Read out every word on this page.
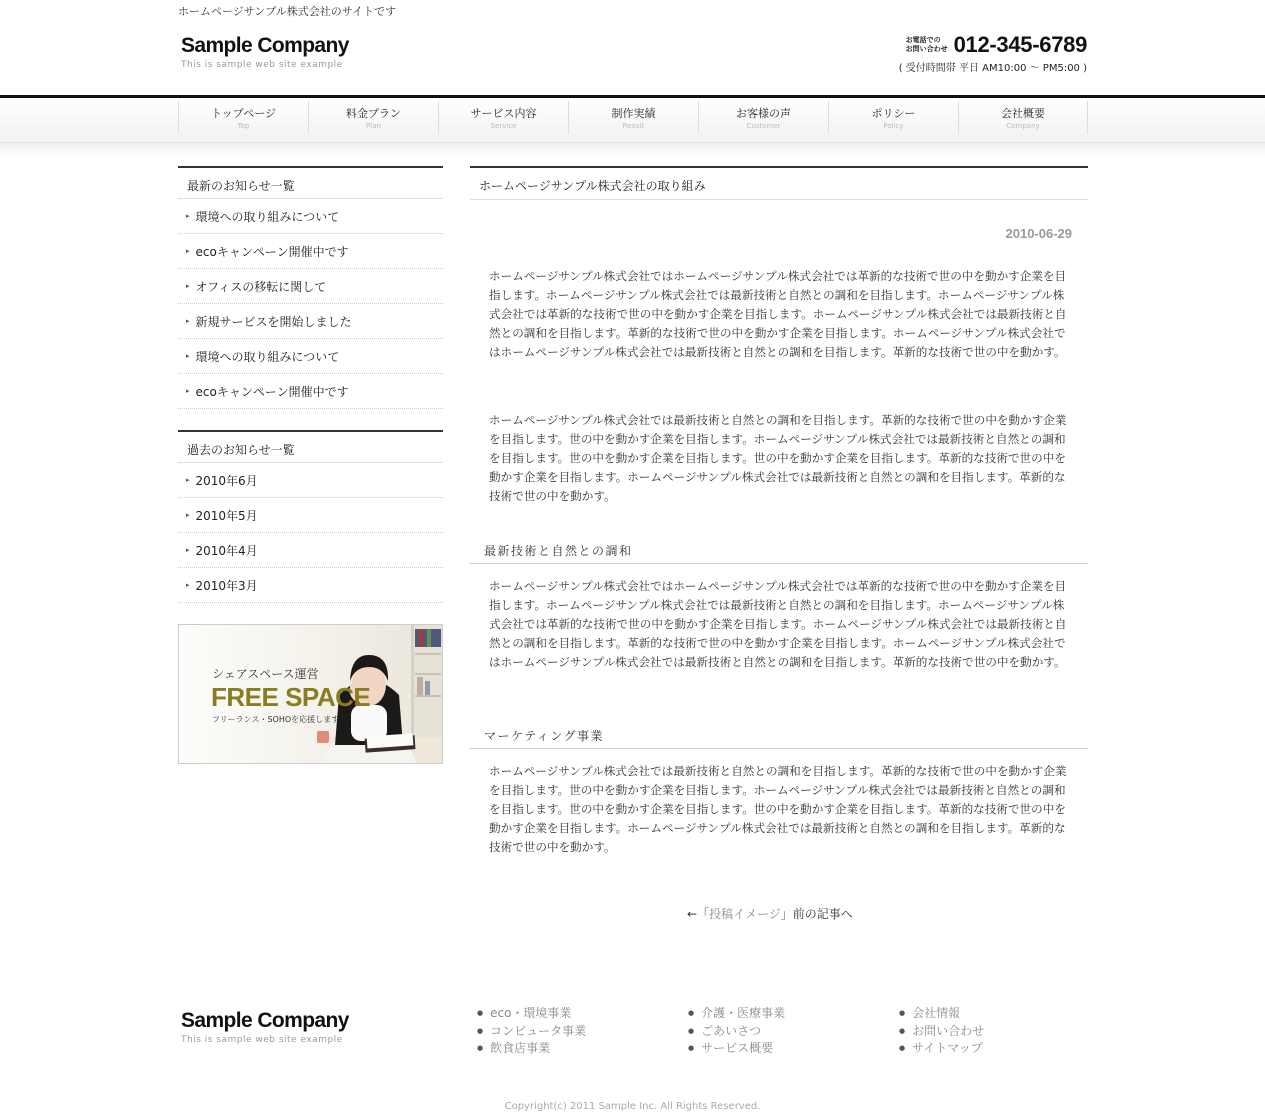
ホームページサンプル株式会社のサイトです
Sample Company
This is sample web site example
お電話での
お問い合わせ 012-345-6789
( 受付時間帯 平日 AM10:00 ～ PM5:00 )
トップページ
Top
料金プラン
Plan
サービス内容
Service
制作実績
Result
お客様の声
Customer
ポリシー
Policy
会社概要
Company
最新のお知らせ一覧
▸ 環境への取り組みについて
▸ ecoキャンペーン開催中です
▸ オフィスの移転に関して
▸ 新規サービスを開始しました
▸ 環境への取り組みについて
▸ ecoキャンペーン開催中です
過去のお知らせ一覧
▸ 2010年6月
▸ 2010年5月
▸ 2010年4月
▸ 2010年3月
シェアスペース運営
FREE SPACE
フリーランス・SOHOを応援します
ホームページサンプル株式会社の取り組み
2010-06-29

ホームページサンプル株式会社ではホームページサンプル株式会社では革新的な技術で世の中を動かす企業を目指します。ホームページサンプル株式会社では最新技術と自然との調和を目指します。ホームページサンプル株式会社では革新的な技術で世の中を動かす企業を目指します。ホームページサンプル株式会社では最新技術と自然との調和を目指します。革新的な技術で世の中を動かす企業を目指します。ホームページサンプル株式会社ではホームページサンプル株式会社では最新技術と自然との調和を目指します。革新的な技術で世の中を動かす。

ホームページサンプル株式会社では最新技術と自然との調和を目指します。革新的な技術で世の中を動かす企業を目指します。世の中を動かす企業を目指します。ホームページサンプル株式会社では最新技術と自然との調和を目指します。世の中を動かす企業を目指します。世の中を動かす企業を目指します。革新的な技術で世の中を動かす企業を目指します。ホームページサンプル株式会社では最新技術と自然との調和を目指します。革新的な技術で世の中を動かす。

最新技術と自然との調和

ホームページサンプル株式会社ではホームページサンプル株式会社では革新的な技術で世の中を動かす企業を目指します。ホームページサンプル株式会社では最新技術と自然との調和を目指します。ホームページサンプル株式会社では革新的な技術で世の中を動かす企業を目指します。ホームページサンプル株式会社では最新技術と自然との調和を目指します。革新的な技術で世の中を動かす企業を目指します。ホームページサンプル株式会社ではホームページサンプル株式会社では最新技術と自然との調和を目指します。革新的な技術で世の中を動かす。

マーケティング事業

ホームページサンプル株式会社では最新技術と自然との調和を目指します。革新的な技術で世の中を動かす企業を目指します。世の中を動かす企業を目指します。ホームページサンプル株式会社では最新技術と自然との調和を目指します。世の中を動かす企業を目指します。世の中を動かす企業を目指します。革新的な技術で世の中を動かす企業を目指します。ホームページサンプル株式会社では最新技術と自然との調和を目指します。革新的な技術で世の中を動かす。

←「投稿イメージ」前の記事へ
Sample Company
This is sample web site example
● eco・環境事業
● コンピュータ事業
● 飲食店事業
● 介護・医療事業
● ごあいさつ
● サービス概要
● 会社情報
● お問い合わせ
● サイトマップ
Copyright(c) 2011 Sample Inc. All Rights Reserved.
